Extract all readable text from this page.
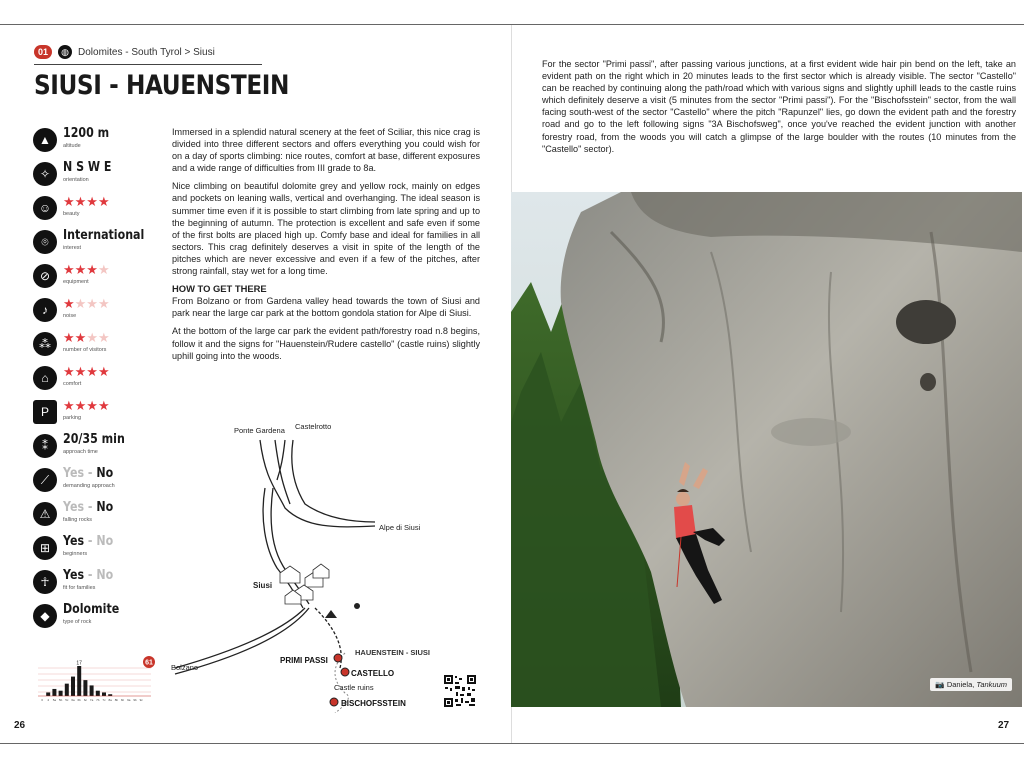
01	◍ Dolomites - South Tyrol > Siusi
SIUSI - HAUENSTEIN
▲ 1200 m
altitude
✧ N S W E
orientation
☺ ★★★★
beauty
⌾	International
interest
⊘ ★★★★
equipment
♪	★★★★
noise
⁂ ★★★★
number of visitors
⌂	★★★★
comfort
P	★★★★
parking
⁑	20/35 min
approach time
⟋	Yes - No
demanding approach
⚠ Yes - No
falling rocks
⊞ Yes - No
beginners
☥	Yes - No
fit for families
◆	Dolomite
type of rock

Immersed in a splendid natural scenery at the feet of Sciliar, this nice crag is divided into three different sectors and offers everything you could wish for on a day of sports climbing: nice routes, comfort at base, different exposures and a wide range of difficulties from III grade to 8a.

Nice climbing on beautiful dolomite grey and yellow rock, mainly on edges and pockets on leaning walls, vertical and overhanging. The ideal season is summer time even if it is possible to start climbing from late spring and up to the beginning of autumn. The protection is excellent and safe even if some of the first bolts are placed high up. Comfy base and ideal for families in all sectors. This crag definitely deserves a visit in spite of the length of the pitches which are never excessive and even if a few of the pitches, after strong rainfall, stay wet for a long time.

HOW TO GET THERE

From Bolzano or from Gardena valley head towards the town of Siusi and park near the large car park at the bottom gondola station for Alpe di Siusi.

At the bottom of the large car park the evident path/forestry road n.8 begins, follow it and the signs for "Hauenstein/Rudere castello" (castle ruins) slightly uphill going into the woods.

Ponte Gardena Castelrotto
Alpe di Siusi
Siusi
Bolzano
HAUENSTEIN - SIUSI
PRIMI PASSI
CASTELLO
Castle ruins
BISCHOFSSTEIN
3 4 5a 5b 5c 6a 6b 6c 7a 7b 7c 8a 8b 8c 9a 9b 9c
61
17
26
For the sector "Primi passi", after passing various junctions, at a first evident wide hair pin bend on the left, take an evident path on the right which in 20 minutes leads to the first sector which is already visible. The sector "Castello" can be reached by continuing along the path/road which with various signs and slightly uphill leads to the castle ruins which definitely deserve a visit (5 minutes from the sector "Primi passi"). For the "Bischofsstein" sector, from the wall facing south-west of the sector "Castello" where the pitch "Rapunzel" lies, go down the evident path and the forestry road and go to the left following signs "3A Bischofsweg", once you've reached the evident junction with another forestry road, from the woods you will catch a glimpse of the large boulder with the routes (10 minutes from the "Castello" sector).
📷 Daniela, Tankuum
27
